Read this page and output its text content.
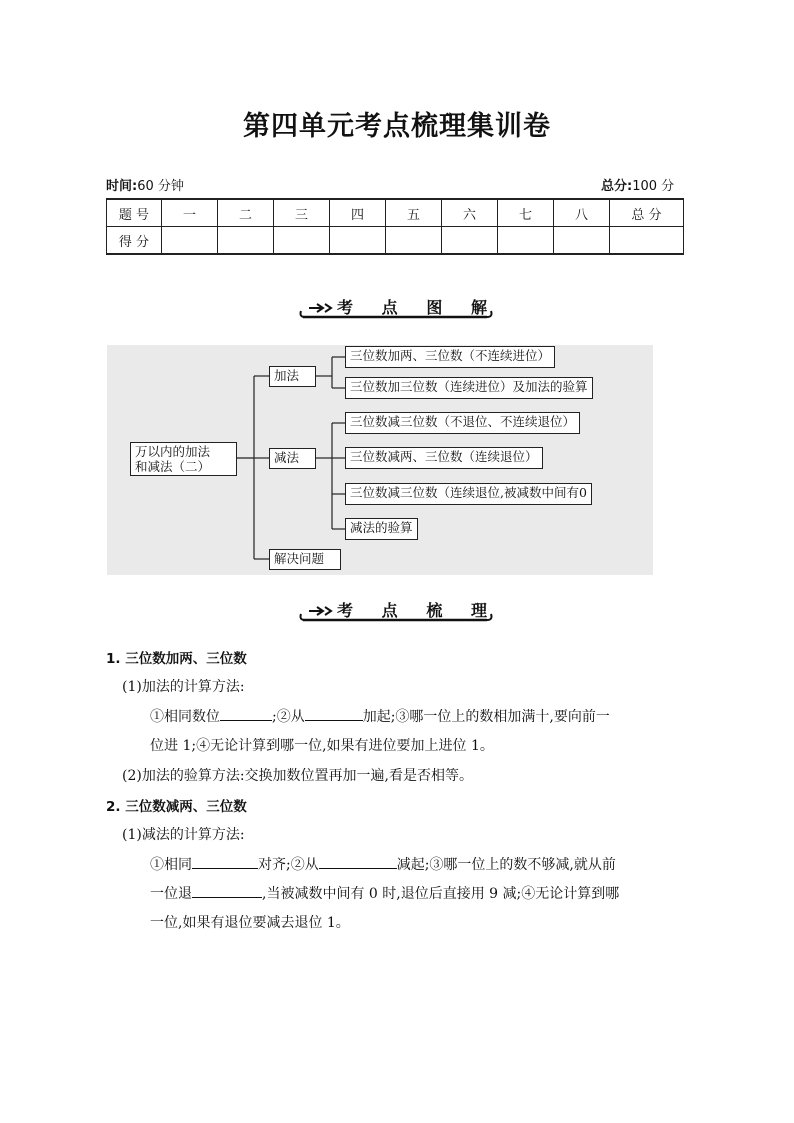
第四单元考点梳理集训卷
时间:60 分钟	总分:100 分
题 号	一	二	三	四	五	六	七	八	总 分
得 分									
考 点 图 解
万以内的加法
和减法（二）
加法
减法
解决问题
三位数加两、三位数（不连续进位）
三位数加三位数（连续进位）及加法的验算
三位数减三位数（不退位、不连续退位）
三位数减两、三位数（连续退位）
三位数减三位数（连续退位,被减数中间有0
减法的验算
考 点 梳 理
1. 三位数加两、三位数
(1)加法的计算方法:
①相同数位	;②从	加起;③哪一位上的数相加满十,要向前一
位进 1;④无论计算到哪一位,如果有进位要加上进位 1。
(2)加法的验算方法:交换加数位置再加一遍,看是否相等。
2. 三位数减两、三位数
(1)减法的计算方法:
①相同	对齐;②从	减起;③哪一位上的数不够减,就从前
一位退	,当被减数中间有 0 时,退位后直接用 9 减;④无论计算到哪
一位,如果有退位要减去退位 1。
